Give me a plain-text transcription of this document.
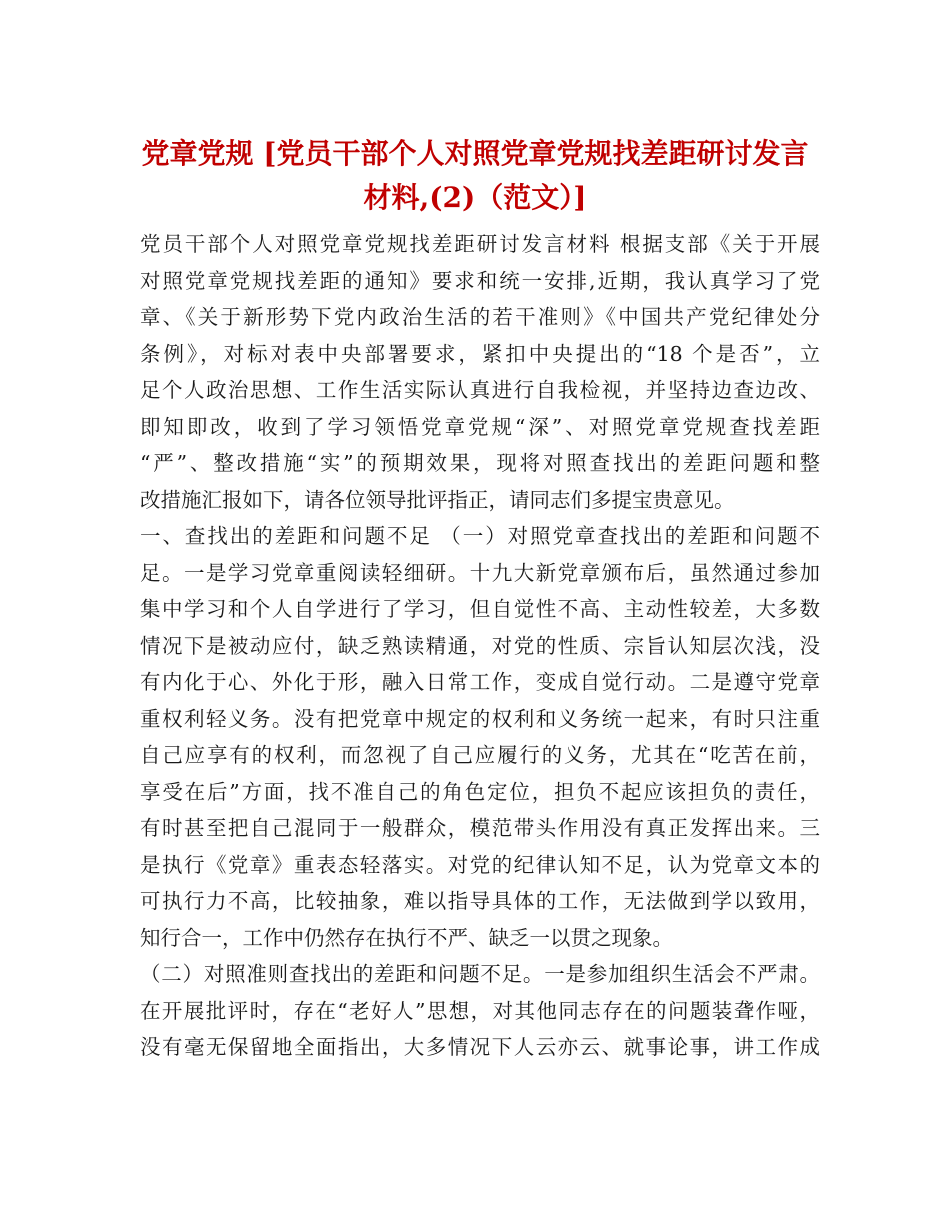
党章党规 [党员干部个人对照党章党规找差距研讨发言
材料,(2)（范文）]
党员干部个人对照党章党规找差距研讨发言材料 根据支部《关于开展
对照党章党规找差距的通知》要求和统一安排,近期，我认真学习了党
章、《关于新形势下党内政治生活的若干准则》《中国共产党纪律处分
条例》，对标对表中央部署要求，紧扣中央提出的“18 个是否”，立
足个人政治思想、工作生活实际认真进行自我检视，并坚持边查边改、
即知即改，收到了学习领悟党章党规“深”、对照党章党规查找差距
“严”、整改措施“实”的预期效果，现将对照查找出的差距问题和整
改措施汇报如下，请各位领导批评指正，请同志们多提宝贵意见。
一、查找出的差距和问题不足 （一）对照党章查找出的差距和问题不
足。一是学习党章重阅读轻细研。十九大新党章颁布后，虽然通过参加
集中学习和个人自学进行了学习，但自觉性不高、主动性较差，大多数
情况下是被动应付，缺乏熟读精通，对党的性质、宗旨认知层次浅，没
有内化于心、外化于形，融入日常工作，变成自觉行动。二是遵守党章
重权利轻义务。没有把党章中规定的权利和义务统一起来，有时只注重
自己应享有的权利，而忽视了自己应履行的义务，尤其在“吃苦在前，
享受在后”方面，找不准自己的角色定位，担负不起应该担负的责任，
有时甚至把自己混同于一般群众，模范带头作用没有真正发挥出来。三
是执行《党章》重表态轻落实。对党的纪律认知不足，认为党章文本的
可执行力不高，比较抽象，难以指导具体的工作，无法做到学以致用，
知行合一，工作中仍然存在执行不严、缺乏一以贯之现象。
（二）对照准则查找出的差距和问题不足。一是参加组织生活会不严肃。
在开展批评时，存在“老好人”思想，对其他同志存在的问题装聋作哑，
没有毫无保留地全面指出，大多情况下人云亦云、就事论事，讲工作成
